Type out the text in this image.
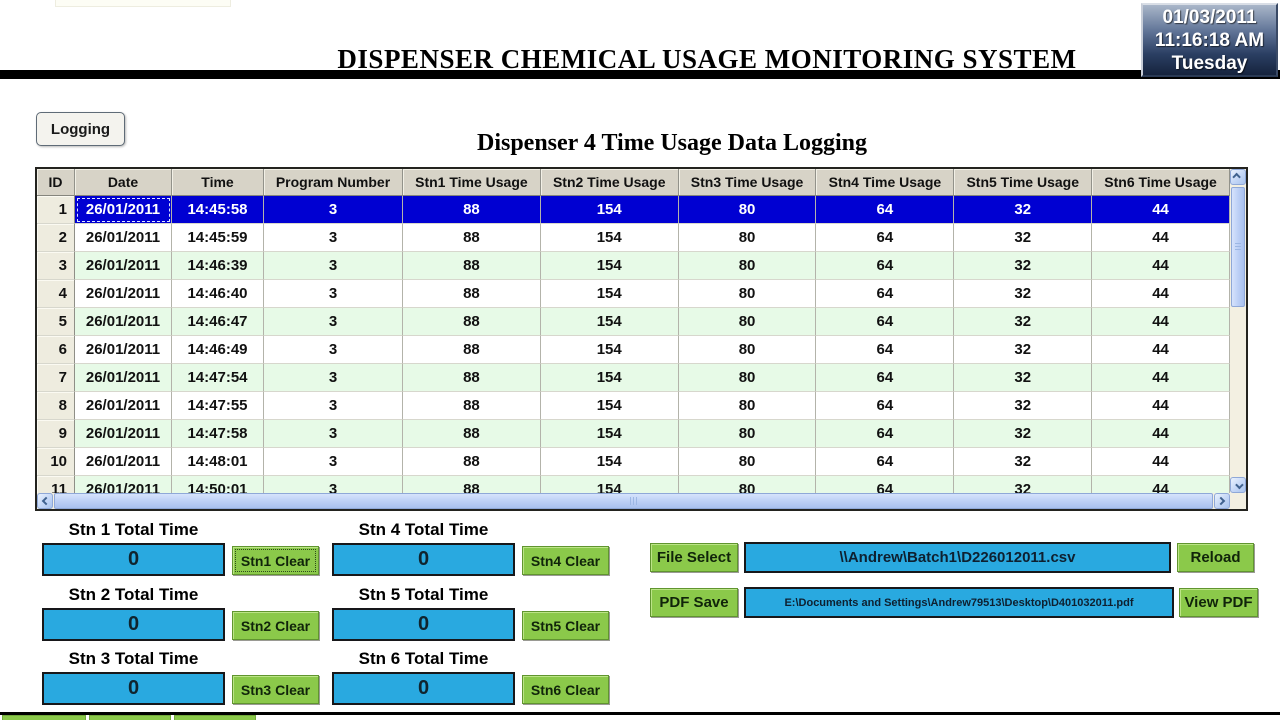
DISPENSER CHEMICAL USAGE MONITORING SYSTEM
01/03/2011
11:16:18 AM
Tuesday
Logging
Dispenser 4 Time Usage Data Logging
ID	Date	Time	Program Number	Stn1 Time Usage	Stn2 Time Usage	Stn3 Time Usage	Stn4 Time Usage	Stn5 Time Usage	Stn6 Time Usage
1	26/01/2011	14:45:58	3	88	154	80	64	32	44
2	26/01/2011	14:45:59	3	88	154	80	64	32	44
3	26/01/2011	14:46:39	3	88	154	80	64	32	44
4	26/01/2011	14:46:40	3	88	154	80	64	32	44
5	26/01/2011	14:46:47	3	88	154	80	64	32	44
6	26/01/2011	14:46:49	3	88	154	80	64	32	44
7	26/01/2011	14:47:54	3	88	154	80	64	32	44
8	26/01/2011	14:47:55	3	88	154	80	64	32	44
9	26/01/2011	14:47:58	3	88	154	80	64	32	44
10	26/01/2011	14:48:01	3	88	154	80	64	32	44
11	26/01/2011	14:50:01	3	88	154	80	64	32	44
Stn 1 Total Time
0	Stn1 Clear
Stn 2 Total Time
0	Stn2 Clear
Stn 3 Total Time
0	Stn3 Clear
Stn 4 Total Time
0	Stn4 Clear
Stn 5 Total Time
0	Stn5 Clear
Stn 6 Total Time
0	Stn6 Clear
File Select	\\Andrew\Batch1\D226012011.csv	Reload
PDF Save	E:\Documents and Settings\Andrew79513\Desktop\D401032011.pdf	View PDF
